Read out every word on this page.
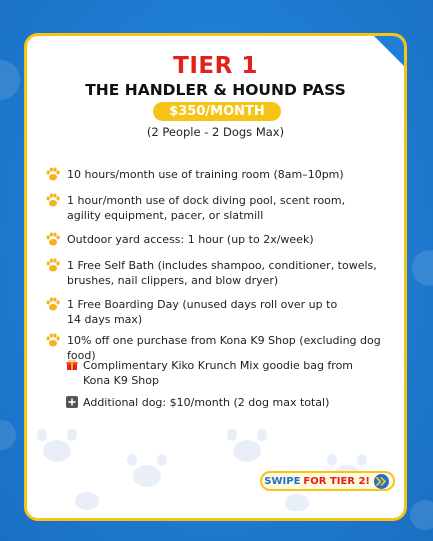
TIER 1
THE HANDLER & HOUND PASS
$350/MONTH
(2 People - 2 Dogs Max)
10 hours/month use of training room (8am–10pm)
1 hour/month use of dock diving pool, scent room,
agility equipment, pacer, or slatmill
Outdoor yard access: 1 hour (up to 2x/week)
1 Free Self Bath (includes shampoo, conditioner, towels,
brushes, nail clippers, and blow dryer)
1 Free Boarding Day (unused days roll over up to
14 days max)
10% off one purchase from Kona K9 Shop (excluding dog food)
Complimentary Kiko Krunch Mix goodie bag from
Kona K9 Shop
Additional dog: $10/month (2 dog max total)
SWIPE FOR TIER 2!
